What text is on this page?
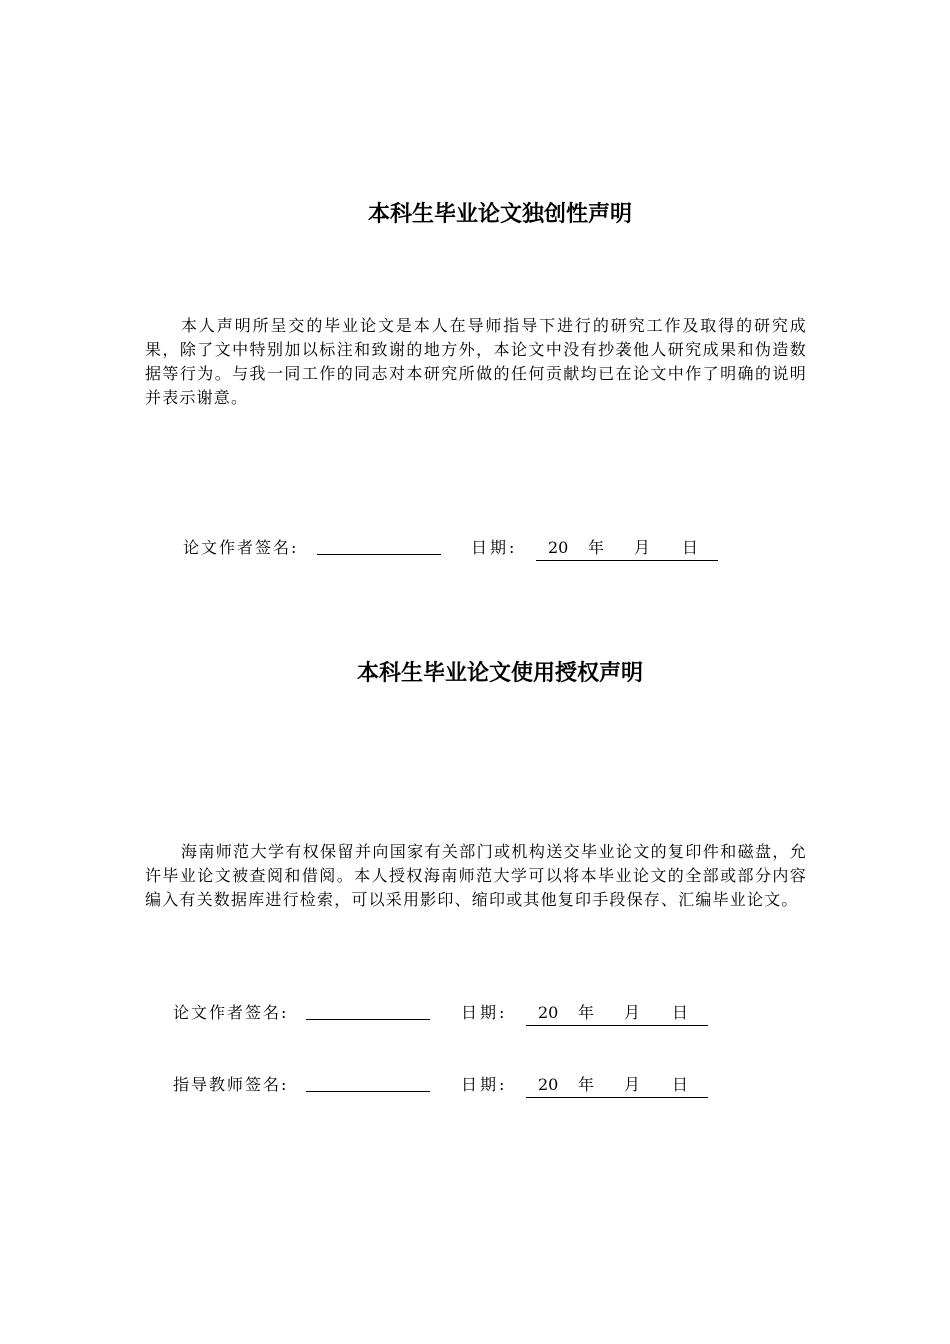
本科生毕业论文独创性声明
本人声明所呈交的毕业论文是本人在导师指导下进行的研究工作及取得的研究成果，除了文中特别加以标注和致谢的地方外，本论文中没有抄袭他人研究成果和伪造数据等行为。与我一同工作的同志对本研究所做的任何贡献均已在论文中作了明确的说明并表示谢意。
论文作者签名:	日期: 20 年 月 日
本科生毕业论文使用授权声明
海南师范大学有权保留并向国家有关部门或机构送交毕业论文的复印件和磁盘，允许毕业论文被查阅和借阅。本人授权海南师范大学可以将本毕业论文的全部或部分内容编入有关数据库进行检索，可以采用影印、缩印或其他复印手段保存、汇编毕业论文。
论文作者签名:	日期: 20 年 月 日
指导教师签名:	日期: 20 年 月 日
